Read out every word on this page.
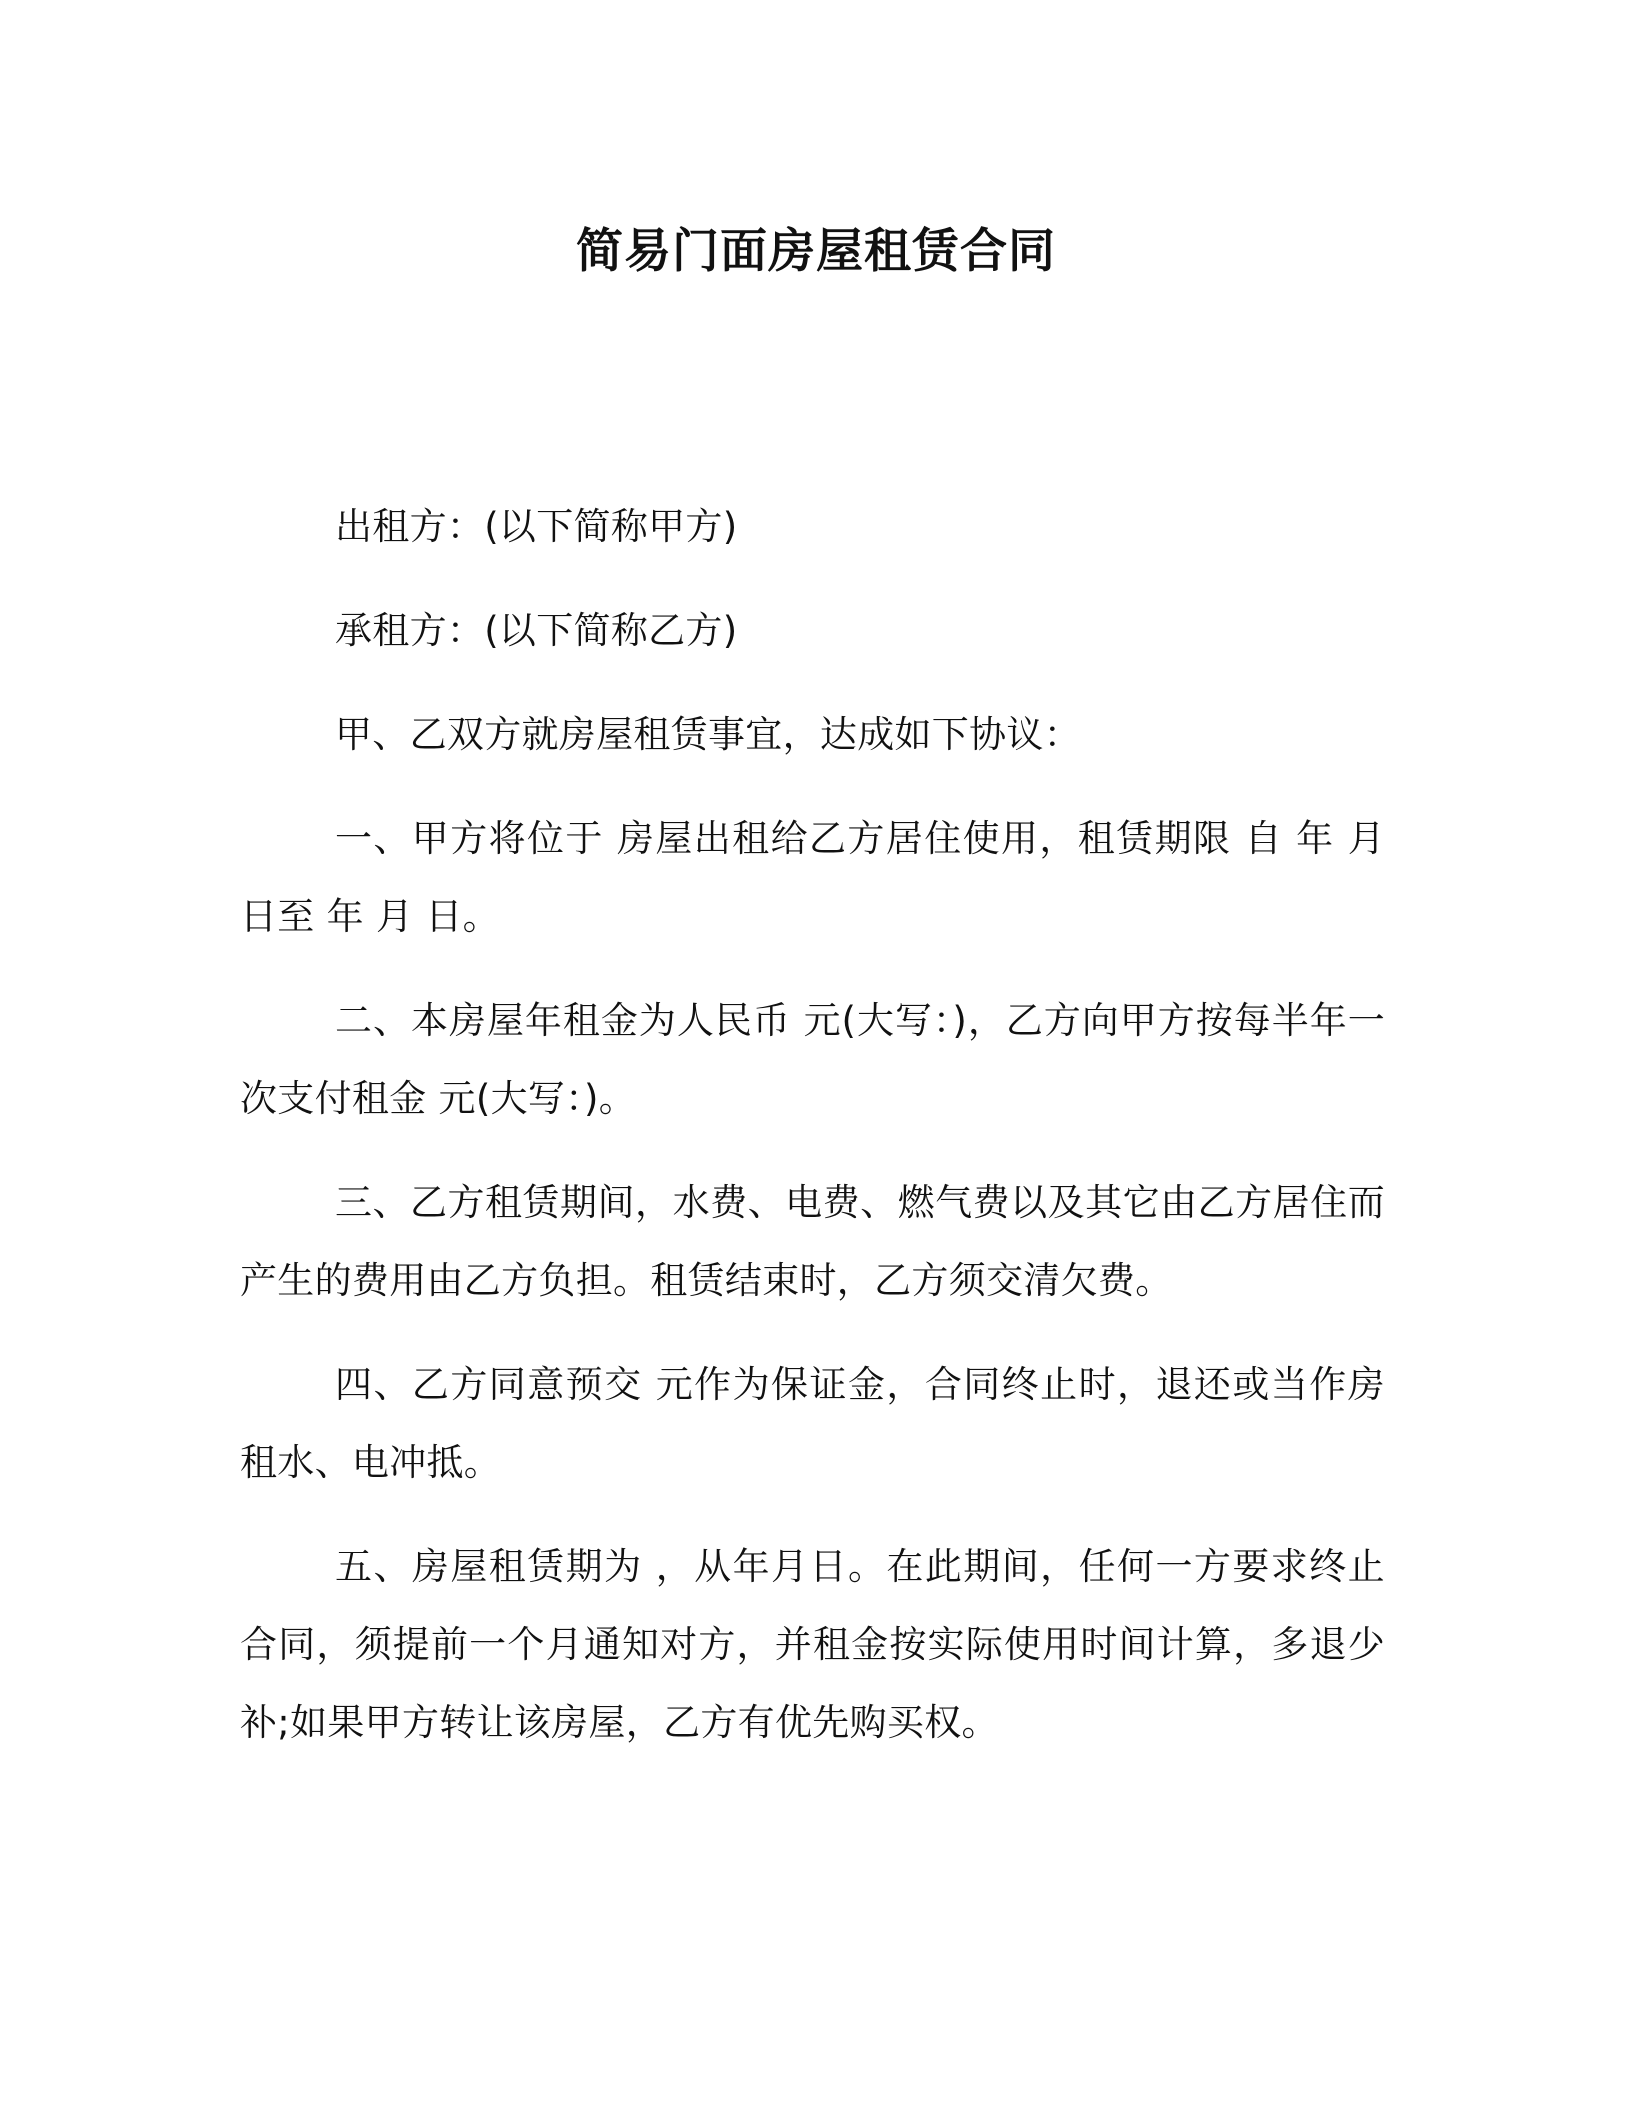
简易门面房屋租赁合同

出租方：(以下简称甲方)

承租方：(以下简称乙方)

甲、乙双方就房屋租赁事宜，达成如下协议：

一、甲方将位于 房屋出租给乙方居住使用，租赁期限 自 年 月 日至 年 月 日。

二、本房屋年租金为人民币 元(大写：)，乙方向甲方按每半年一次支付租金 元(大写：)。

三、乙方租赁期间，水费、电费、燃气费以及其它由乙方居住而产生的费用由乙方负担。租赁结束时，乙方须交清欠费。

四、乙方同意预交 元作为保证金，合同终止时，退还或当作房租水、电冲抵。

五、房屋租赁期为 ，从年月日。在此期间，任何一方要求终止合同，须提前一个月通知对方，并租金按实际使用时间计算，多退少补;如果甲方转让该房屋，乙方有优先购买权。
